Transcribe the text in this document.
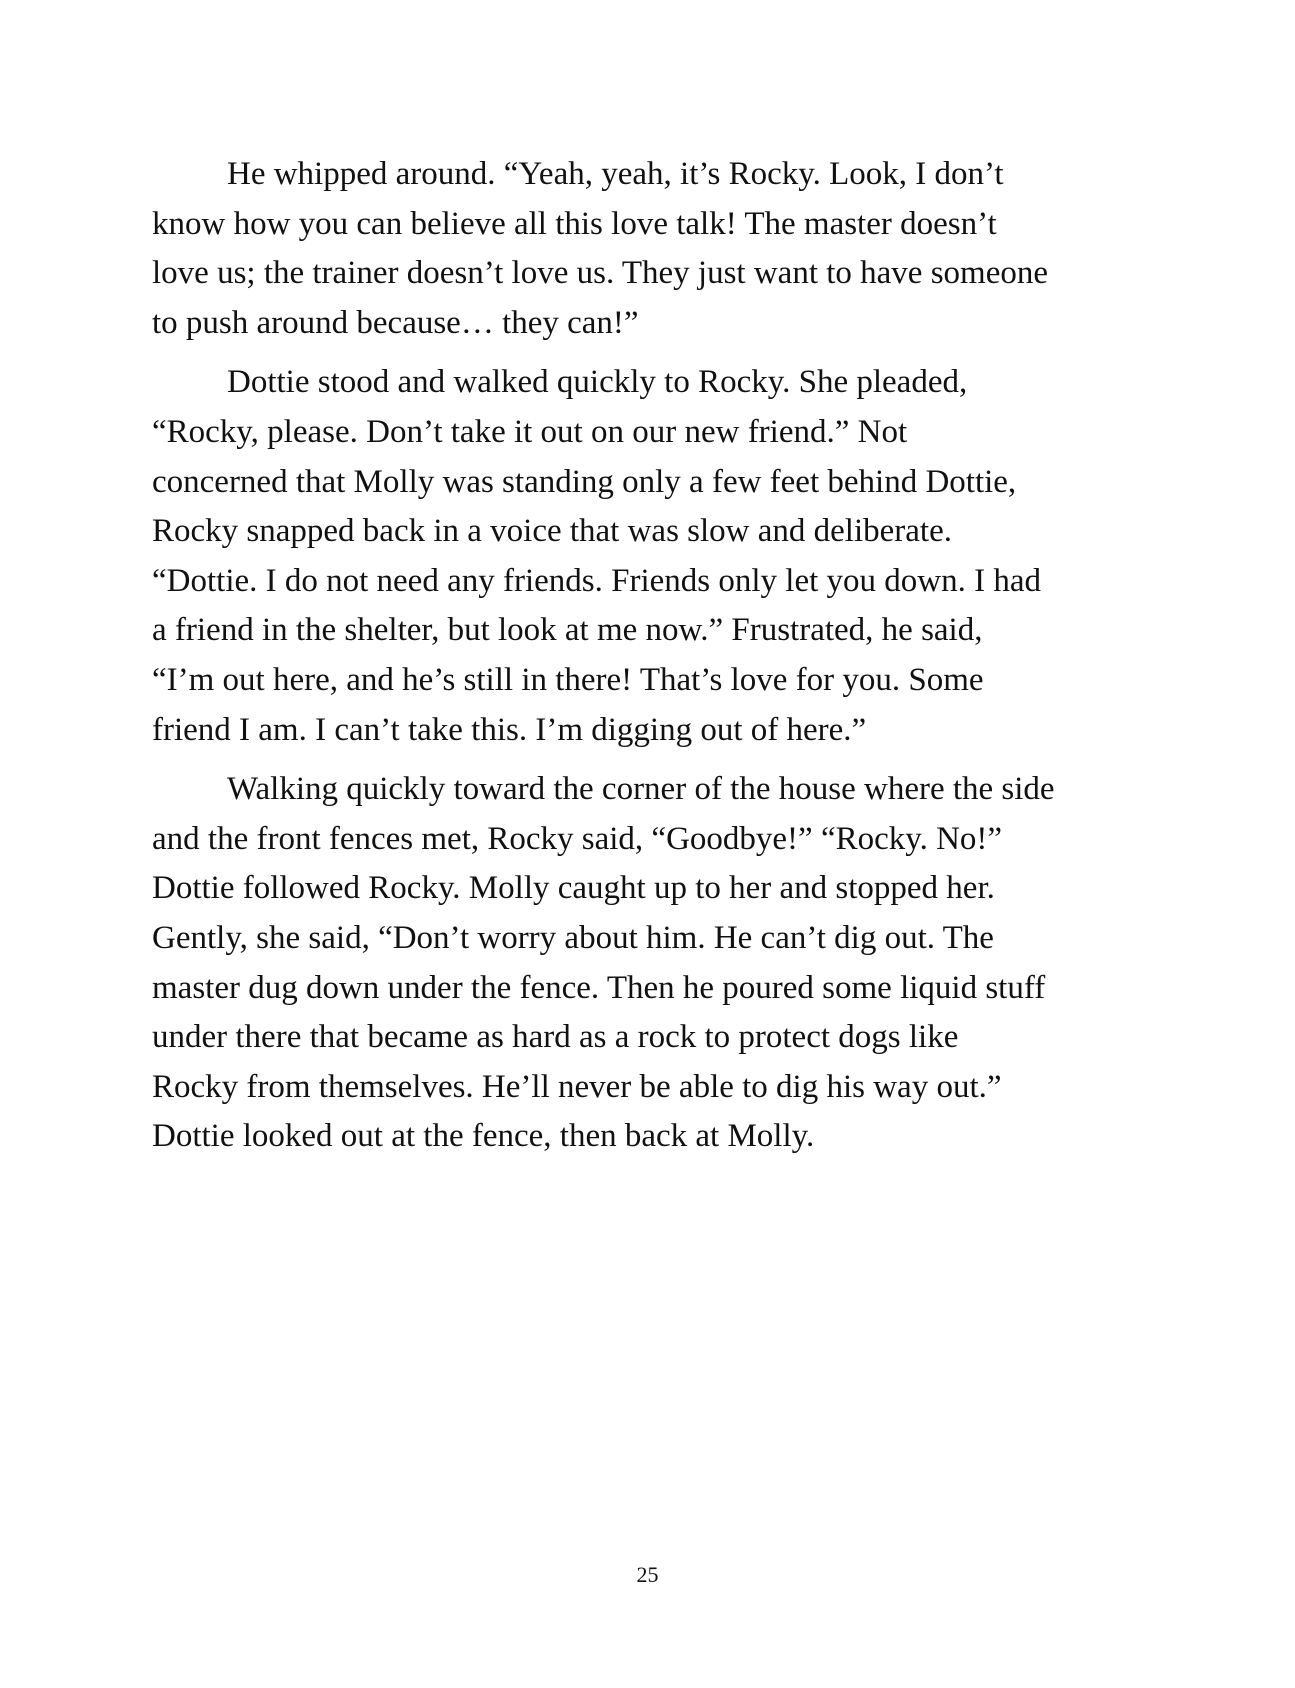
He whipped around. “Yeah, yeah, it’s Rocky. Look, I don’t
know how you can believe all this love talk! The master doesn’t
love us; the trainer doesn’t love us. They just want to have someone
to push around because… they can!”
Dottie stood and walked quickly to Rocky. She pleaded,
“Rocky, please. Don’t take it out on our new friend.” Not
concerned that Molly was standing only a few feet behind Dottie,
Rocky snapped back in a voice that was slow and deliberate.
“Dottie. I do not need any friends. Friends only let you down. I had
a friend in the shelter, but look at me now.” Frustrated, he said,
“I’m out here, and he’s still in there! That’s love for you. Some
friend I am. I can’t take this. I’m digging out of here.”
Walking quickly toward the corner of the house where the side
and the front fences met, Rocky said, “Goodbye!” “Rocky. No!”
Dottie followed Rocky. Molly caught up to her and stopped her.
Gently, she said, “Don’t worry about him. He can’t dig out. The
master dug down under the fence. Then he poured some liquid stuff
under there that became as hard as a rock to protect dogs like
Rocky from themselves. He’ll never be able to dig his way out.”
Dottie looked out at the fence, then back at Molly.
25
